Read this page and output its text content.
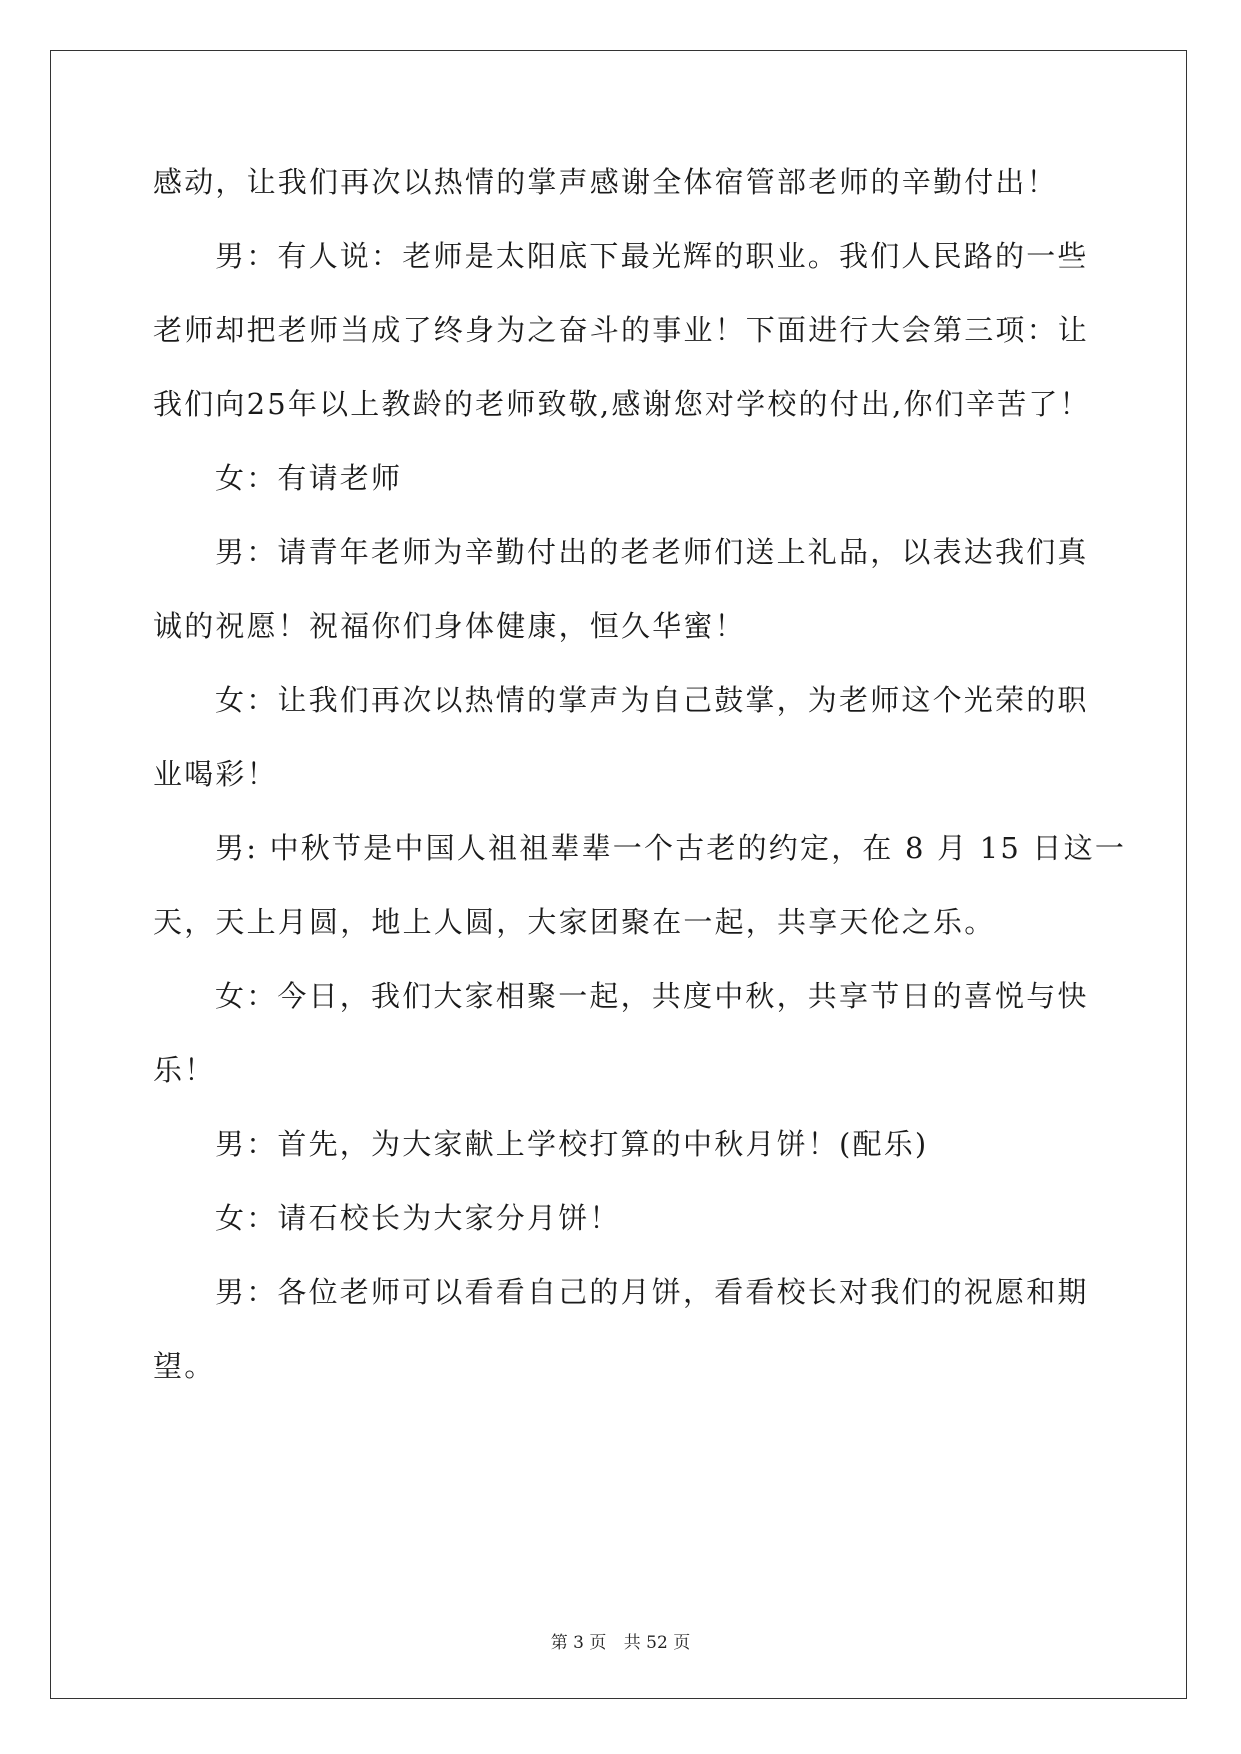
感动，让我们再次以热情的掌声感谢全体宿管部老师的辛勤付出！
男：有人说：老师是太阳底下最光辉的职业。我们人民路的一些
老师却把老师当成了终身为之奋斗的事业！下面进行大会第三项：让
我们向25年以上教龄的老师致敬,感谢您对学校的付出,你们辛苦了！
女：有请老师
男：请青年老师为辛勤付出的老老师们送上礼品，以表达我们真
诚的祝愿！祝福你们身体健康，恒久华蜜！
女：让我们再次以热情的掌声为自己鼓掌，为老师这个光荣的职
业喝彩！
男: 中秋节是中国人祖祖辈辈一个古老的约定，在 8 月 15 日这一
天，天上月圆，地上人圆，大家团聚在一起，共享天伦之乐。
女：今日，我们大家相聚一起，共度中秋，共享节日的喜悦与快
乐！
男：首先，为大家献上学校打算的中秋月饼！(配乐)
女：请石校长为大家分月饼！
男：各位老师可以看看自己的月饼，看看校长对我们的祝愿和期
望。
第 3 页 共 52 页
